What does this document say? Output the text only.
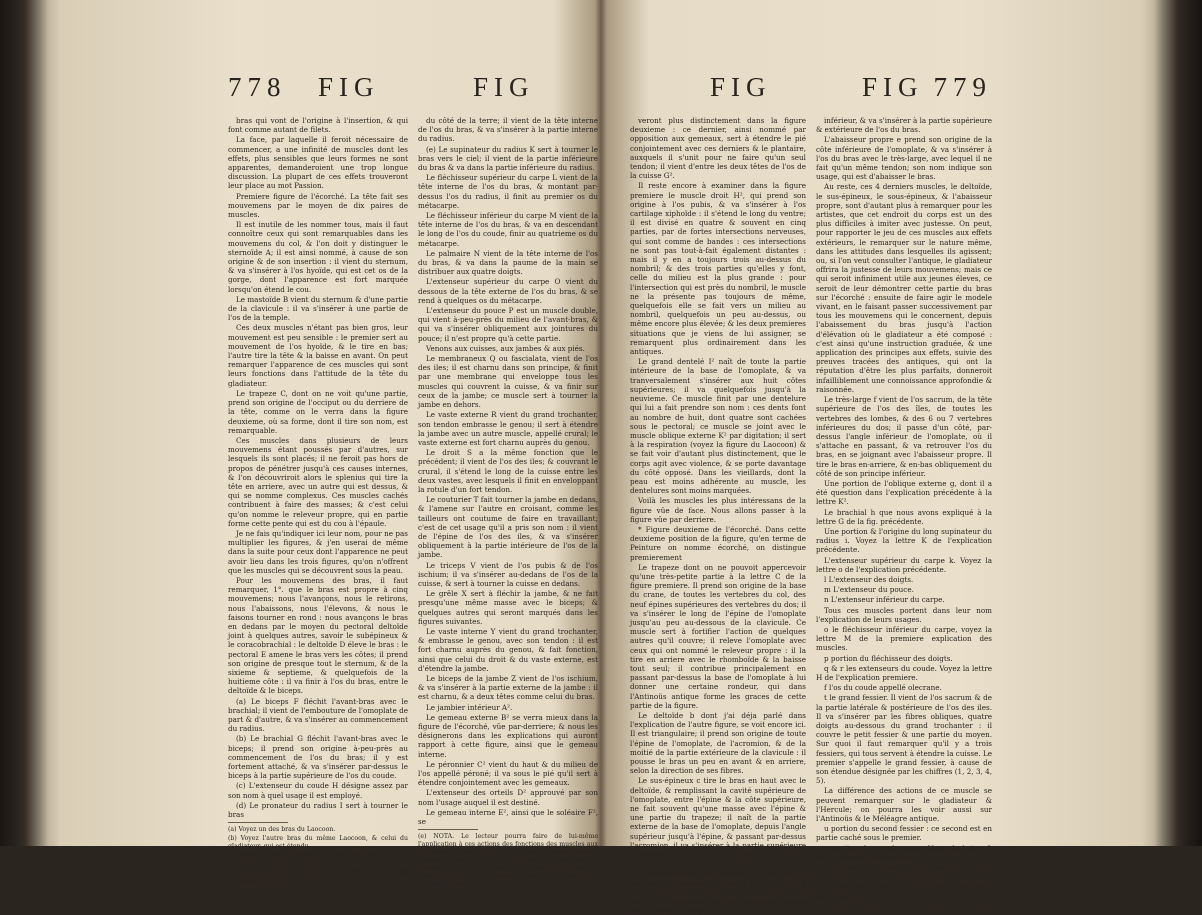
778 FIG	FIG

bras qui vont de l'origine à l'insertion, & qui font comme autant de filets.

La face, par laquelle il feroit nécessaire de commencer, a une infinité de muscles dont les effets, plus sensibles que leurs formes ne sont apparentes, demanderoient une trop longue discussion. La plupart de ces effets trouveront leur place au mot Passion.

Premiere figure de l'écorché. La tête fait ses mouvemens par le moyen de dix paires de muscles.

Il est inutile de les nommer tous, mais il faut connoître ceux qui sont remarquables dans les mouvemens du col, & l'on doit y distinguer le sternoïde A; il est ainsi nommé, à cause de son origine & de son insertion : il vient du sternum, & va s'insérer à l'os hyoïde, qui est cet os de la gorge, dont l'apparence est fort marquée lorsqu'on étend le cou.

Le mastoïde B vient du sternum & d'une partie de la clavicule : il va s'insérer à une partie de l'os de la temple.

Ces deux muscles n'étant pas bien gros, leur mouvement est peu sensible : le premier sert au mouvement de l'os hyoïde, & le tire en bas; l'autre tire la tête & la baisse en avant. On peut remarquer l'apparence de ces muscles qui sont leurs fonctions dans l'attitude de la tête du gladiateur.

Le trapeze C, dont on ne voit qu'une partie, prend son origine de l'occiput ou du derriere de la tête, comme on le verra dans la figure deuxieme, où sa forme, dont il tire son nom, est remarquable.

Ces muscles dans plusieurs de leurs mouvemens étant poussés par d'autres, sur lesquels ils sont placés; il ne feroit pas hors de propos de pénétrer jusqu'à ces causes internes, & l'on découvriroit alors le splenius qui tire la tête en arriere, avec un autre qui est dessus, & qui se nomme complexus. Ces muscles cachés contribuent à faire des masses; & c'est celui qu'on nomme le releveur propre, qui en partie forme cette pente qui est du cou à l'épaule.

Je ne fais qu'indiquer ici leur nom, pour ne pas multiplier les figures, & j'en userai de même dans la suite pour ceux dont l'apparence ne peut avoir lieu dans les trois figures, qu'on n'offrent que les muscles qui se découvrent sous la peau.

Pour les mouvemens des bras, il faut remarquer, 1°. que le bras est propre à cinq mouvemens; nous l'avançons, nous le retirons, nous l'abaissons, nous l'élevons, & nous le faisons tourner en rond : nous avançons le bras en dedans par le moyen du pectoral deltoïde joint à quelques autres, savoir le subépineux & le coracobrachial : le deltoïde D éleve le bras : le pectoral E amene le bras vers les côtes; il prend son origine de presque tout le sternum, & de la sixieme & septieme, & quelquefois de la huitieme côte : il va finir à l'os du bras, entre le deltoïde & le biceps.

(a) Le biceps F fléchit l'avant-bras avec le brachial; il vient de l'embouture de l'omoplate de part & d'autre, & va s'insérer au commencement du radius.

(b) Le brachial G fléchit l'avant-bras avec le biceps; il prend son origine à-peu-près au commencement de l'os du bras; il y est fortement attaché, & va s'insérer par-dessus le biceps à la partie supérieure de l'os du coude.

(c) L'extenseur du coude H désigne assez par son nom à quel usage il est employé.

(d) Le pronateur du radius I sert à tourner le bras

(a) Voyez un des bras du Laocoon.

(b) Voyez l'autre bras du même Laocoon, & celui du gladiateur, qui est étendu.

(c) Voyez le bras du Laocoon, qui est baissé vers la terre, & celui du gladiateur, qui est penché.

(d) Voyez l'autre bras du même élevé vers le ciel, & celui du gladiateur, qui est étendu.

du côté de la terre; il vient de la tête interne de l'os du bras, & va s'insérer à la partie interne du radius.

(e) Le supinateur du radius K sert à tourner le bras vers le ciel; il vient de la partie inférieure du bras & va dans la partie inférieure du radius.

Le fléchisseur supérieur du carpe L vient de la tête interne de l'os du bras, & montant par-dessus l'os du radius, il finit au premier os du métacarpe.

Le fléchisseur inférieur du carpe M vient de la tête interne de l'os du bras, & va en descendant le long de l'os du coude, finir au quatrieme os du métacarpe.

Le palmaire N vient de la tête interne de l'os du bras, & va dans la paume de la main se distribuer aux quatre doigts.

L'extenseur supérieur du carpe O vient du dessous de la tête externe de l'os du bras, & se rend à quelques os du métacarpe.

L'extenseur du pouce P est un muscle double, qui vient à-peu-près du milieu de l'avant-bras, & qui va s'insérer obliquement aux jointures du pouce; il n'est propre qu'à cette partie.

Venons aux cuisses, aux jambes & aux piés.

Le membraneux Q ou fascialata, vient de l'os des iles; il est charnu dans son principe, & finit par une membrane qui enveloppe tous les muscles qui couvrent la cuisse, & va finir sur ceux de la jambe; ce muscle sert à tourner la jambe en dehors.

Le vaste externe R vient du grand trochanter, son tendon embrasse le genou; il sert à étendre la jambe avec un autre muscle, appellé crural; le vaste externe est fort charnu auprès du genou.

Le droit S a la même fonction que le précédent; il vient de l'os des iles; & couvrant le crural, il s'étend le long de la cuisse entre les deux vastes, avec lesquels il finit en enveloppant la rotule d'un fort tendon.

Le couturier T fait tourner la jambe en dedans, & l'amene sur l'autre en croisant, comme les tailleurs ont coutume de faire en travaillant; c'est de cet usage qu'il a pris son nom : il vient de l'épine de l'os des iles, & va s'insérer obliquement à la partie intérieure de l'os de la jambe.

Le triceps V vient de l'os pubis & de l'os ischium; il va s'insérer au-dedans de l'os de la cuisse, & sert à tourner la cuisse en dedans.

Le grêle X sert à fléchir la jambe, & ne fait presqu'une même masse avec le biceps; & quelques autres qui seront marqués dans les figures suivantes.

Le vaste interne Y vient du grand trochanter, & embrasse le genou, avec son tendon : il est fort charnu auprès du genou, & fait fonction, ainsi que celui du droit & du vaste externe, est d'étendre la jambe.

Le biceps de la jambe Z vient de l'os ischium, & va s'insérer à la partie externe de la jambe : il est charnu, & a deux têtes comme celui du bras.

Le jambier intérieur A².

Le gemeau externe B² se verra mieux dans la figure de l'écorché, vûe par-derriere; & nous les désignerons dans les explications qui auront rapport à cette figure, ainsi que le gemeau interne.

Le péronnier C² vient du haut & du milieu de l'os appellé péroné; il va sous le pié qu'il sert à étendre conjointement avec les gemeaux.

L'extenseur des orteils D² approuvé par son nom l'usage auquel il est destiné.

Le gemeau interne E², ainsi que le soléaire F², se

(e) NOTA. Le lecteur pourra faire de lui-même l'application à ces actions des fonctions des muscles aux mouvemens des figures antiques susmentionnées, puisque les lettres le guideront : ainsi je n'en dirai pas davantage. Il n'est pas inutile que ces détails que les bornes que l'on doit se prescrire dans un dictionnaire ne le comporteront.

FIG	FIG 779

veront plus distinctement dans la figure deuxieme : ce dernier, ainsi nommé par opposition aux gemeaux, sert à étendre le pié conjointement avec ces derniers & le plantaire, auxquels il s'unit pour ne faire qu'un seul tendon; il vient d'entre les deux têtes de l'os de la cuisse G².

Il reste encore à examiner dans la figure premiere le muscle droit H², qui prend son origine à l'os pubis, & va s'insérer à l'os cartilage xiphoïde : il s'étend le long du ventre; il est divisé en quatre & souvent en cinq parties, par de fortes intersections nerveuses, qui sont comme de bandes : ces intersections ne sont pas tout-à-fait également distantes : mais il y en a toujours trois au-dessus du nombril; & des trois parties qu'elles y font, celle du milieu est la plus grande : pour l'intersection qui est près du nombril, le muscle ne la présente pas toujours de même, quelquefois elle se fait vers un milieu au nombril, quelquefois un peu au-dessus, ou même encore plus élevée; & les deux premieres situations que je viens de lui assigner, se remarquent plus ordinairement dans les antiques.

Le grand dentelé I² naît de toute la partie intérieure de la base de l'omoplate, & va tranversalement s'insérer aux huit côtes supérieures; il va quelquefois jusqu'à la neuvieme. Ce muscle finit par une dentelure qui lui a fait prendre son nom : ces dents font au nombre de huit, dont quatre sont cachées sous le pectoral; ce muscle se joint avec le muscle oblique externe K² par digitation; il sert à la respiration (voyez la figure du Laocoon) & se fait voir d'autant plus distinctement, que le corps agit avec violence, & se porte davantage du côté opposé. Dans les vieillards, dont la peau est moins adhérente au muscle, les dentelures sont moins marquées.

Voilà les muscles les plus intéressans de la figure vûe de face. Nous allons passer à la figure vûe par derriere.

* Figure deuxieme de l'écorché. Dans cette deuxieme position de la figure, qu'en terme de Peinture on nomme écorché, on distingue premierement

Le trapeze dont on ne pouvoit appercevoir qu'une très-petite partie à la lettre C de la figure premiere. Il prend son origine de la base du crane, de toutes les vertebres du col, des neuf épines supérieures des vertebres du dos; il va s'insérer le long de l'épine de l'omoplate jusqu'au peu au-dessous de la clavicule. Ce muscle sert à fortifier l'action de quelques autres qu'il couvre; il releve l'omoplate avec ceux qui ont nommé le releveur propre : il la tire en arriere avec le rhomboïde & la baisse tout seul; il contribue principalement en passant par-dessus la base de l'omoplate à lui donner une certaine rondeur, qui dans l'Antinoüs antique forme les graces de cette partie de la figure.

Le deltoïde b dont j'ai déja parlé dans l'explication de l'autre figure, se voit encore ici. Il est triangulaire; il prend son origine de toute l'épine de l'omoplate, de l'acromion, & de la moitié de la partie extérieure de la clavicule : il pousse le bras un peu en avant & en arriere, selon la direction de ses fibres.

Le sus-épineux c tire le bras en haut avec le deltoïde, & remplissant la cavité supérieure de l'omoplate, entre l'épine & la côte supérieure, ne fait souvent qu'une masse avec l'épine & une partie du trapeze; il naît de la partie externe de la base de l'omoplate, depuis l'angle supérieur jusqu'à l'épine, & passant par-dessus l'acromion, il va s'insérer à la partie supérieure & antérieure de l'os du bras pour l'élever en-haut.

Le sous-épineux d fait mouvoir l'os du bras en bas, avec l'abaisseur propre & le très-large; il prend son origine de la partie externe de la base de l'omoplate, qui se remarque depuis l'épine jusqu'à l'angle

inférieur, & va s'insérer à la partie supérieure & extérieure de l'os du bras.

L'abaisseur propre e prend son origine de la côte inférieure de l'omoplate, & va s'insérer à l'os du bras avec le très-large, avec lequel il ne fait qu'un même tendon; son nom indique son usage, qui est d'abaisser le bras.

Au reste, ces 4 derniers muscles, le deltoïde, le sus-épineux, le sous-épineux, & l'abaisseur propre, sont d'autant plus à remarquer pour les artistes, que cet endroit du corps est un des plus difficiles à imiter avec justesse. On peut, pour rapporter le jeu de ces muscles aux effets extérieurs, le remarquer sur le nature même, dans les attitudes dans lesquelles ils agissent; ou, si l'on veut consulter l'antique, le gladiateur offrira la justesse de leurs mouvemens; mais ce qui seroit infiniment utile aux jeunes éleves, ce seroit de leur démontrer cette partie du bras sur l'écorché : ensuite de faire agir le modele vivant, en le faisant passer successivement par tous les mouvemens qui le concernent, depuis l'abaissement du bras jusqu'à l'action d'élévation où le gladiateur a été composé : c'est ainsi qu'une instruction graduée, & une application des principes aux effets, suivie des preuves tracées des antiques, qui ont la réputation d'être les plus parfaits, donneroit infailliblement une connoissance approfondie & raisonnée.

Le très-large f vient de l'os sacrum, de la tête supérieure de l'os des îles, de toutes les vertebres des lombes, & des 6 ou 7 vertebres inférieures du dos; il passe d'un côté, par-dessus l'angle inférieur de l'omoplate, où il s'attache en passant, & va retrouver l'os du bras, en se joignant avec l'abaisseur propre. Il tire le bras en-arriere, & en-bas obliquement du côté de son principe inférieur.

Une portion de l'oblique externe g, dont il a été question dans l'explication précédente à la lettre K².

Le brachial h que nous avons expliqué à la lettre G de la fig. précédente.

Une portion & l'origine du long supinateur du radius i. Voyez la lettre K de l'explication précédente.

L'extenseur supérieur du carpe k. Voyez la lettre o de l'explication précédente.

l L'extenseur des doigts.

m L'extenseur du pouce.

n L'extenseur inférieur du carpe.

Tous ces muscles portent dans leur nom l'explication de leurs usages.

o le fléchisseur inférieur du carpe, voyez la lettre M de la premiere explication des muscles.

p portion du fléchisseur des doigts.

q & r les extenseurs du coude. Voyez la lettre H de l'explication premiere.

f l'os du coude appellé olecrane.

t le grand fessier. Il vient de l'os sacrum & de la partie latérale & postérieure de l'os des iles. Il va s'insérer par les fibres obliques, quatre doigts au-dessous du grand trochanter : il couvre le petit fessier & une partie du moyen. Sur quoi il faut remarquer qu'il y a trois fessiers, qui tous servent à étendre la cuisse. Le premier s'appelle le grand fessier, à cause de son étendue désignée par les chiffres (1, 2, 3, 4, 5).

La différence des actions de ce muscle se peuvent remarquer sur le gladiateur & l'Hercule; on pourra les voir aussi sur l'Antinoüs & le Méléagre antique.

u portion du second fessier : ce second est en partie caché sous le premier.

x portion du membraneux. Voyez la lettre Q de la premiere explication.

y le vaste externe : voyez pareillement la lettre R de la premiere explication.

z le biceps : voyez la lettre Z de la premiere explication.

& le demi-nerveux. Ce muscle vient du même
